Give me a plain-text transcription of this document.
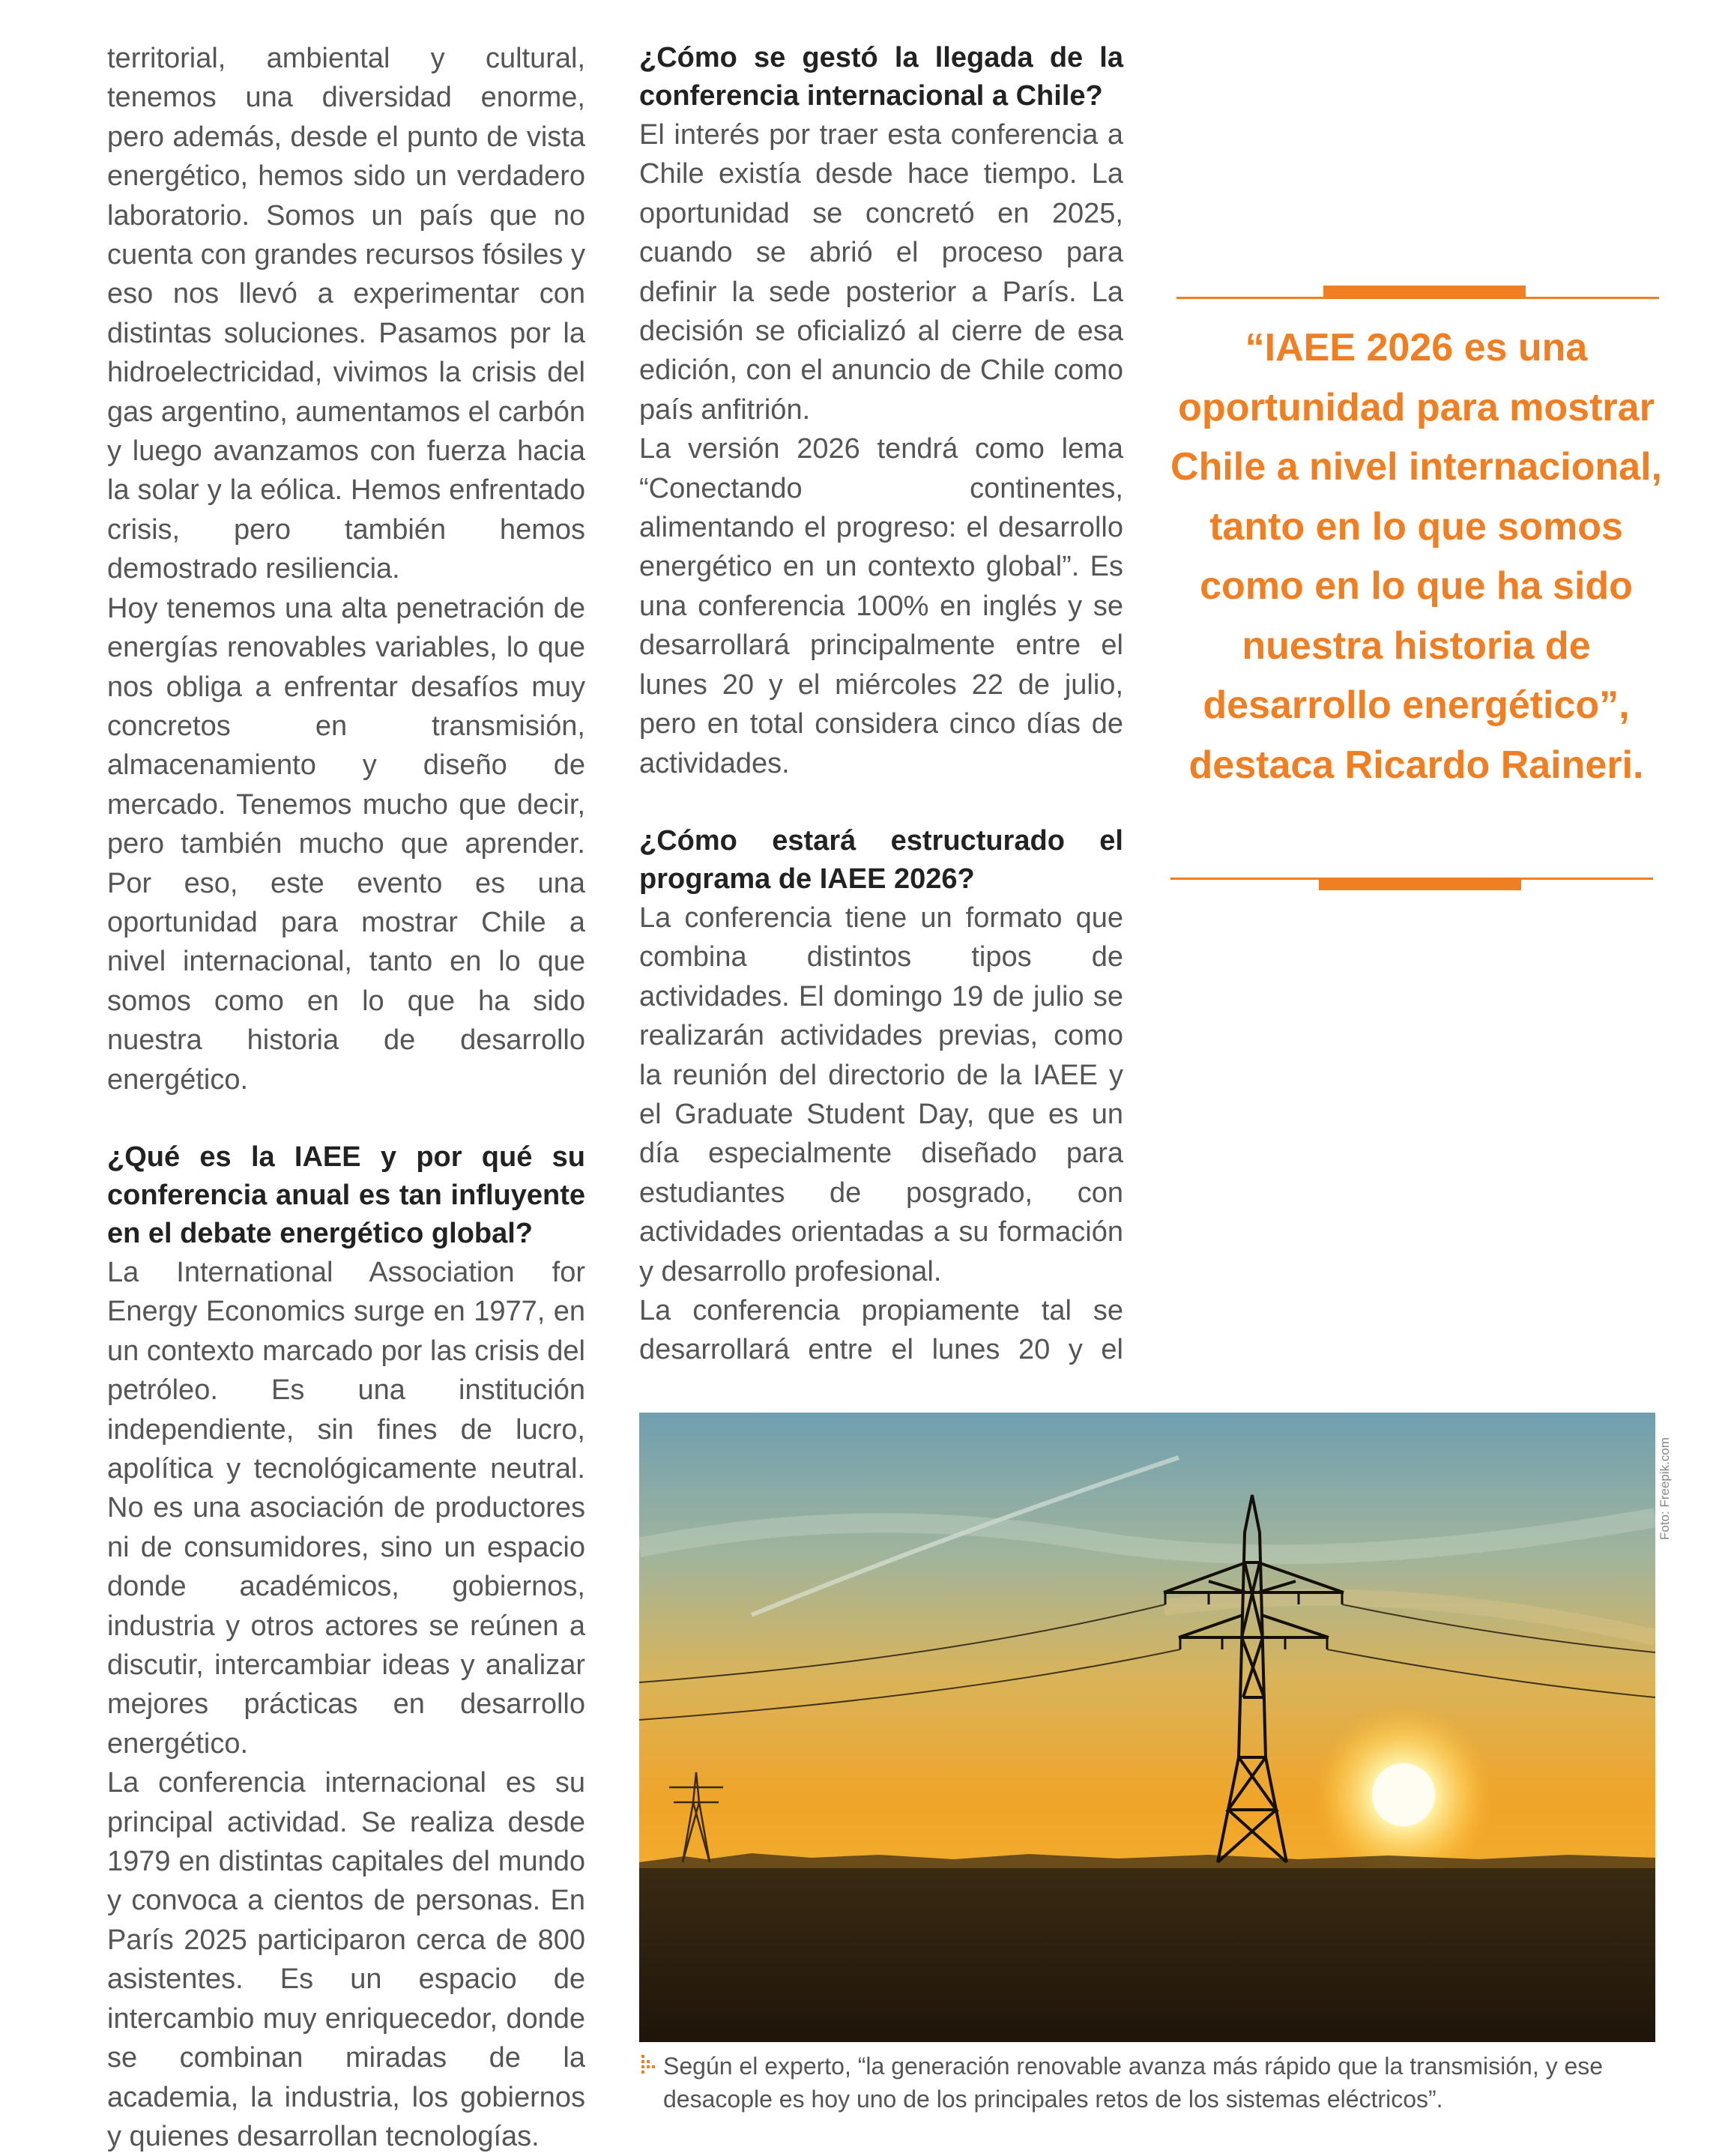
territorial, ambiental y cultural, tenemos una diversidad enorme, pero además, desde el punto de vista energético, hemos sido un verdadero laboratorio. Somos un país que no cuenta con grandes recursos fósiles y eso nos llevó a experimentar con distintas soluciones. Pasamos por la hidroelectricidad, vivimos la crisis del gas argentino, aumentamos el carbón y luego avanzamos con fuerza hacia la solar y la eólica. Hemos enfrentado crisis, pero también hemos demostrado resiliencia.

Hoy tenemos una alta penetración de energías renovables variables, lo que nos obliga a enfrentar desafíos muy concretos en transmisión, almacenamiento y diseño de mercado. Tenemos mucho que decir, pero también mucho que aprender. Por eso, este evento es una oportunidad para mostrar Chile a nivel internacional, tanto en lo que somos como en lo que ha sido nuestra historia de desarrollo energético.

¿Qué es la IAEE y por qué su conferencia anual es tan influyente en el debate energético global?

La International Association for Energy Economics surge en 1977, en un contexto marcado por las crisis del petróleo. Es una institución independiente, sin fines de lucro, apolítica y tecnológicamente neutral. No es una asociación de productores ni de consumidores, sino un espacio donde académicos, gobiernos, industria y otros actores se reúnen a discutir, intercambiar ideas y analizar mejores prácticas en desarrollo energético.

La conferencia internacional es su principal actividad. Se realiza desde 1979 en distintas capitales del mundo y convoca a cientos de personas. En París 2025 participaron cerca de 800 asistentes. Es un espacio de intercambio muy enriquecedor, donde se combinan miradas de la academia, la industria, los gobiernos y quienes desarrollan tecnologías.

¿Cómo se gestó la llegada de la conferencia internacional a Chile?

El interés por traer esta conferencia a Chile existía desde hace tiempo. La oportunidad se concretó en 2025, cuando se abrió el proceso para definir la sede posterior a París. La decisión se oficializó al cierre de esa edición, con el anuncio de Chile como país anfitrión.

La versión 2026 tendrá como lema “Conectando continentes, alimentando el progreso: el desarrollo energético en un contexto global”. Es una conferencia 100% en inglés y se desarrollará principalmente entre el lunes 20 y el miércoles 22 de julio, pero en total considera cinco días de actividades.

¿Cómo estará estructurado el programa de IAEE 2026?

La conferencia tiene un formato que combina distintos tipos de actividades. El domingo 19 de julio se realizarán actividades previas, como la reunión del directorio de la IAEE y el Graduate Student Day, que es un día especialmente diseñado para estudiantes de posgrado, con actividades orientadas a su formación y desarrollo profesional.

La conferencia propiamente tal se desarrollará entre el lunes 20 y el

“IAEE 2026 es una oportunidad para mostrar Chile a nivel internacional, tanto en lo que somos como en lo que ha sido nuestra historia de desarrollo energético”, destaca Ricardo Raineri.
Foto: Freepik.com
Según el experto, “la generación renovable avanza más rápido que la transmisión, y ese desacople es hoy uno de los principales retos de los sistemas eléctricos”.
